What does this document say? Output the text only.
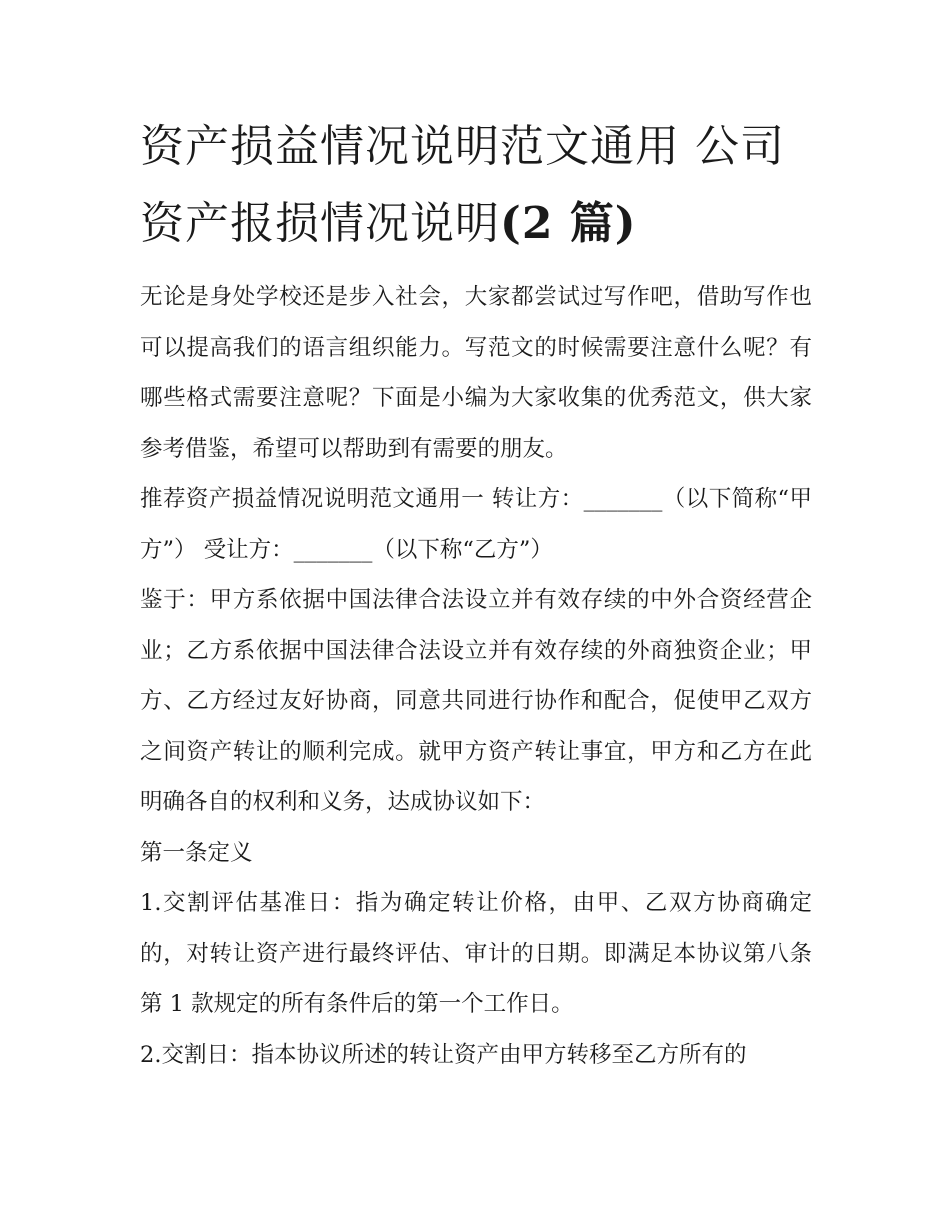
资产损益情况说明范文通用 公司资产报损情况说明(2 篇)

无论是身处学校还是步入社会，大家都尝试过写作吧，借助写作也可以提高我们的语言组织能力。写范文的时候需要注意什么呢？有哪些格式需要注意呢？下面是小编为大家收集的优秀范文，供大家参考借鉴，希望可以帮助到有需要的朋友。

推荐资产损益情况说明范文通用一 转让方：_______（以下简称“甲方”） 受让方：_______（以下称“乙方”）

鉴于：甲方系依据中国法律合法设立并有效存续的中外合资经营企业；乙方系依据中国法律合法设立并有效存续的外商独资企业；甲方、乙方经过友好协商，同意共同进行协作和配合，促使甲乙双方之间资产转让的顺利完成。就甲方资产转让事宜，甲方和乙方在此明确各自的权利和义务，达成协议如下：

第一条定义

1.交割评估基准日：指为确定转让价格，由甲、乙双方协商确定的，对转让资产进行最终评估、审计的日期。即满足本协议第八条第 1 款规定的所有条件后的第一个工作日。

2.交割日：指本协议所述的转让资产由甲方转移至乙方所有的
